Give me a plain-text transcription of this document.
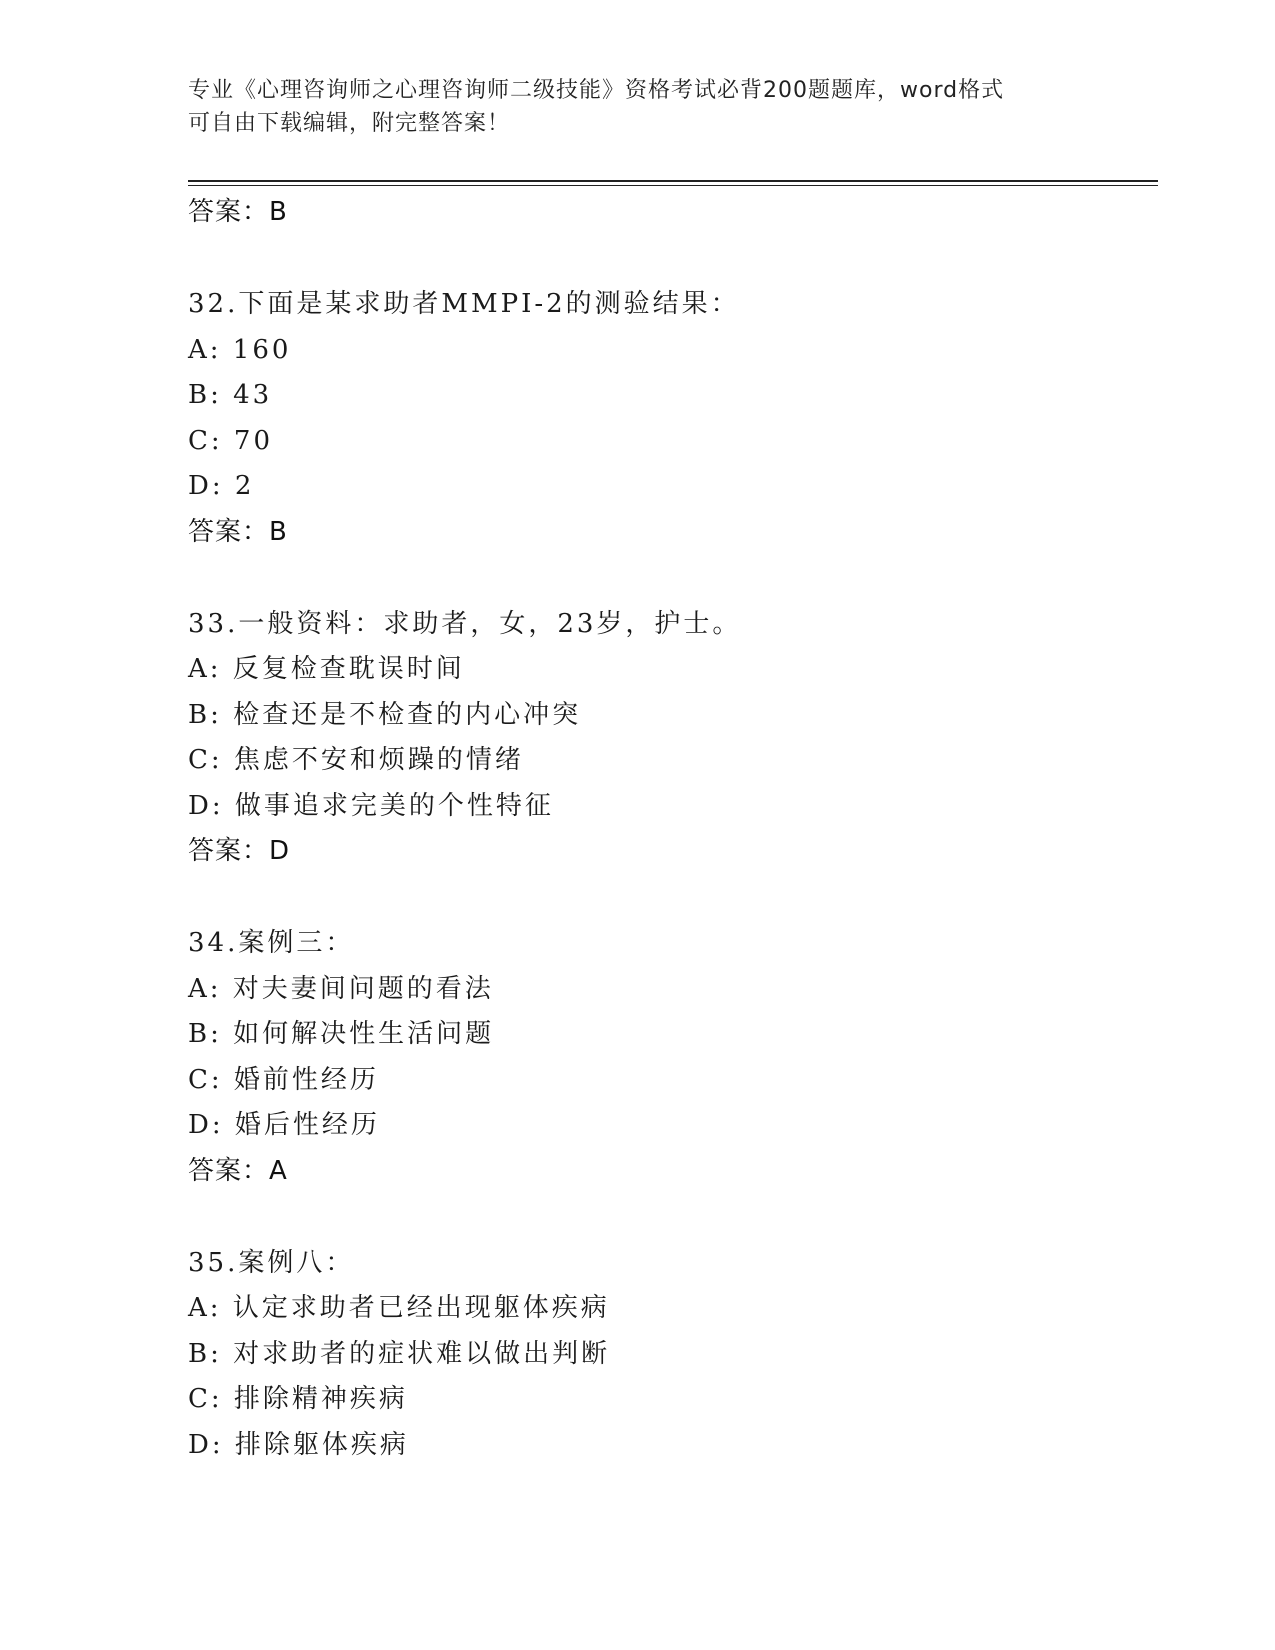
专业《心理咨询师之心理咨询师二级技能》资格考试必背200题题库，word格式
可自由下载编辑，附完整答案！
答案：B
32.下面是某求助者MMPI-2的测验结果：
A: 160
B: 43
C: 70
D: 2
答案：B
33.一般资料：求助者，女，23岁，护士。
A: 反复检查耽误时间
B: 检查还是不检查的内心冲突
C: 焦虑不安和烦躁的情绪
D: 做事追求完美的个性特征
答案：D
34.案例三：
A: 对夫妻间问题的看法
B: 如何解决性生活问题
C: 婚前性经历
D: 婚后性经历
答案：A
35.案例八：
A: 认定求助者已经出现躯体疾病
B: 对求助者的症状难以做出判断
C: 排除精神疾病
D: 排除躯体疾病
